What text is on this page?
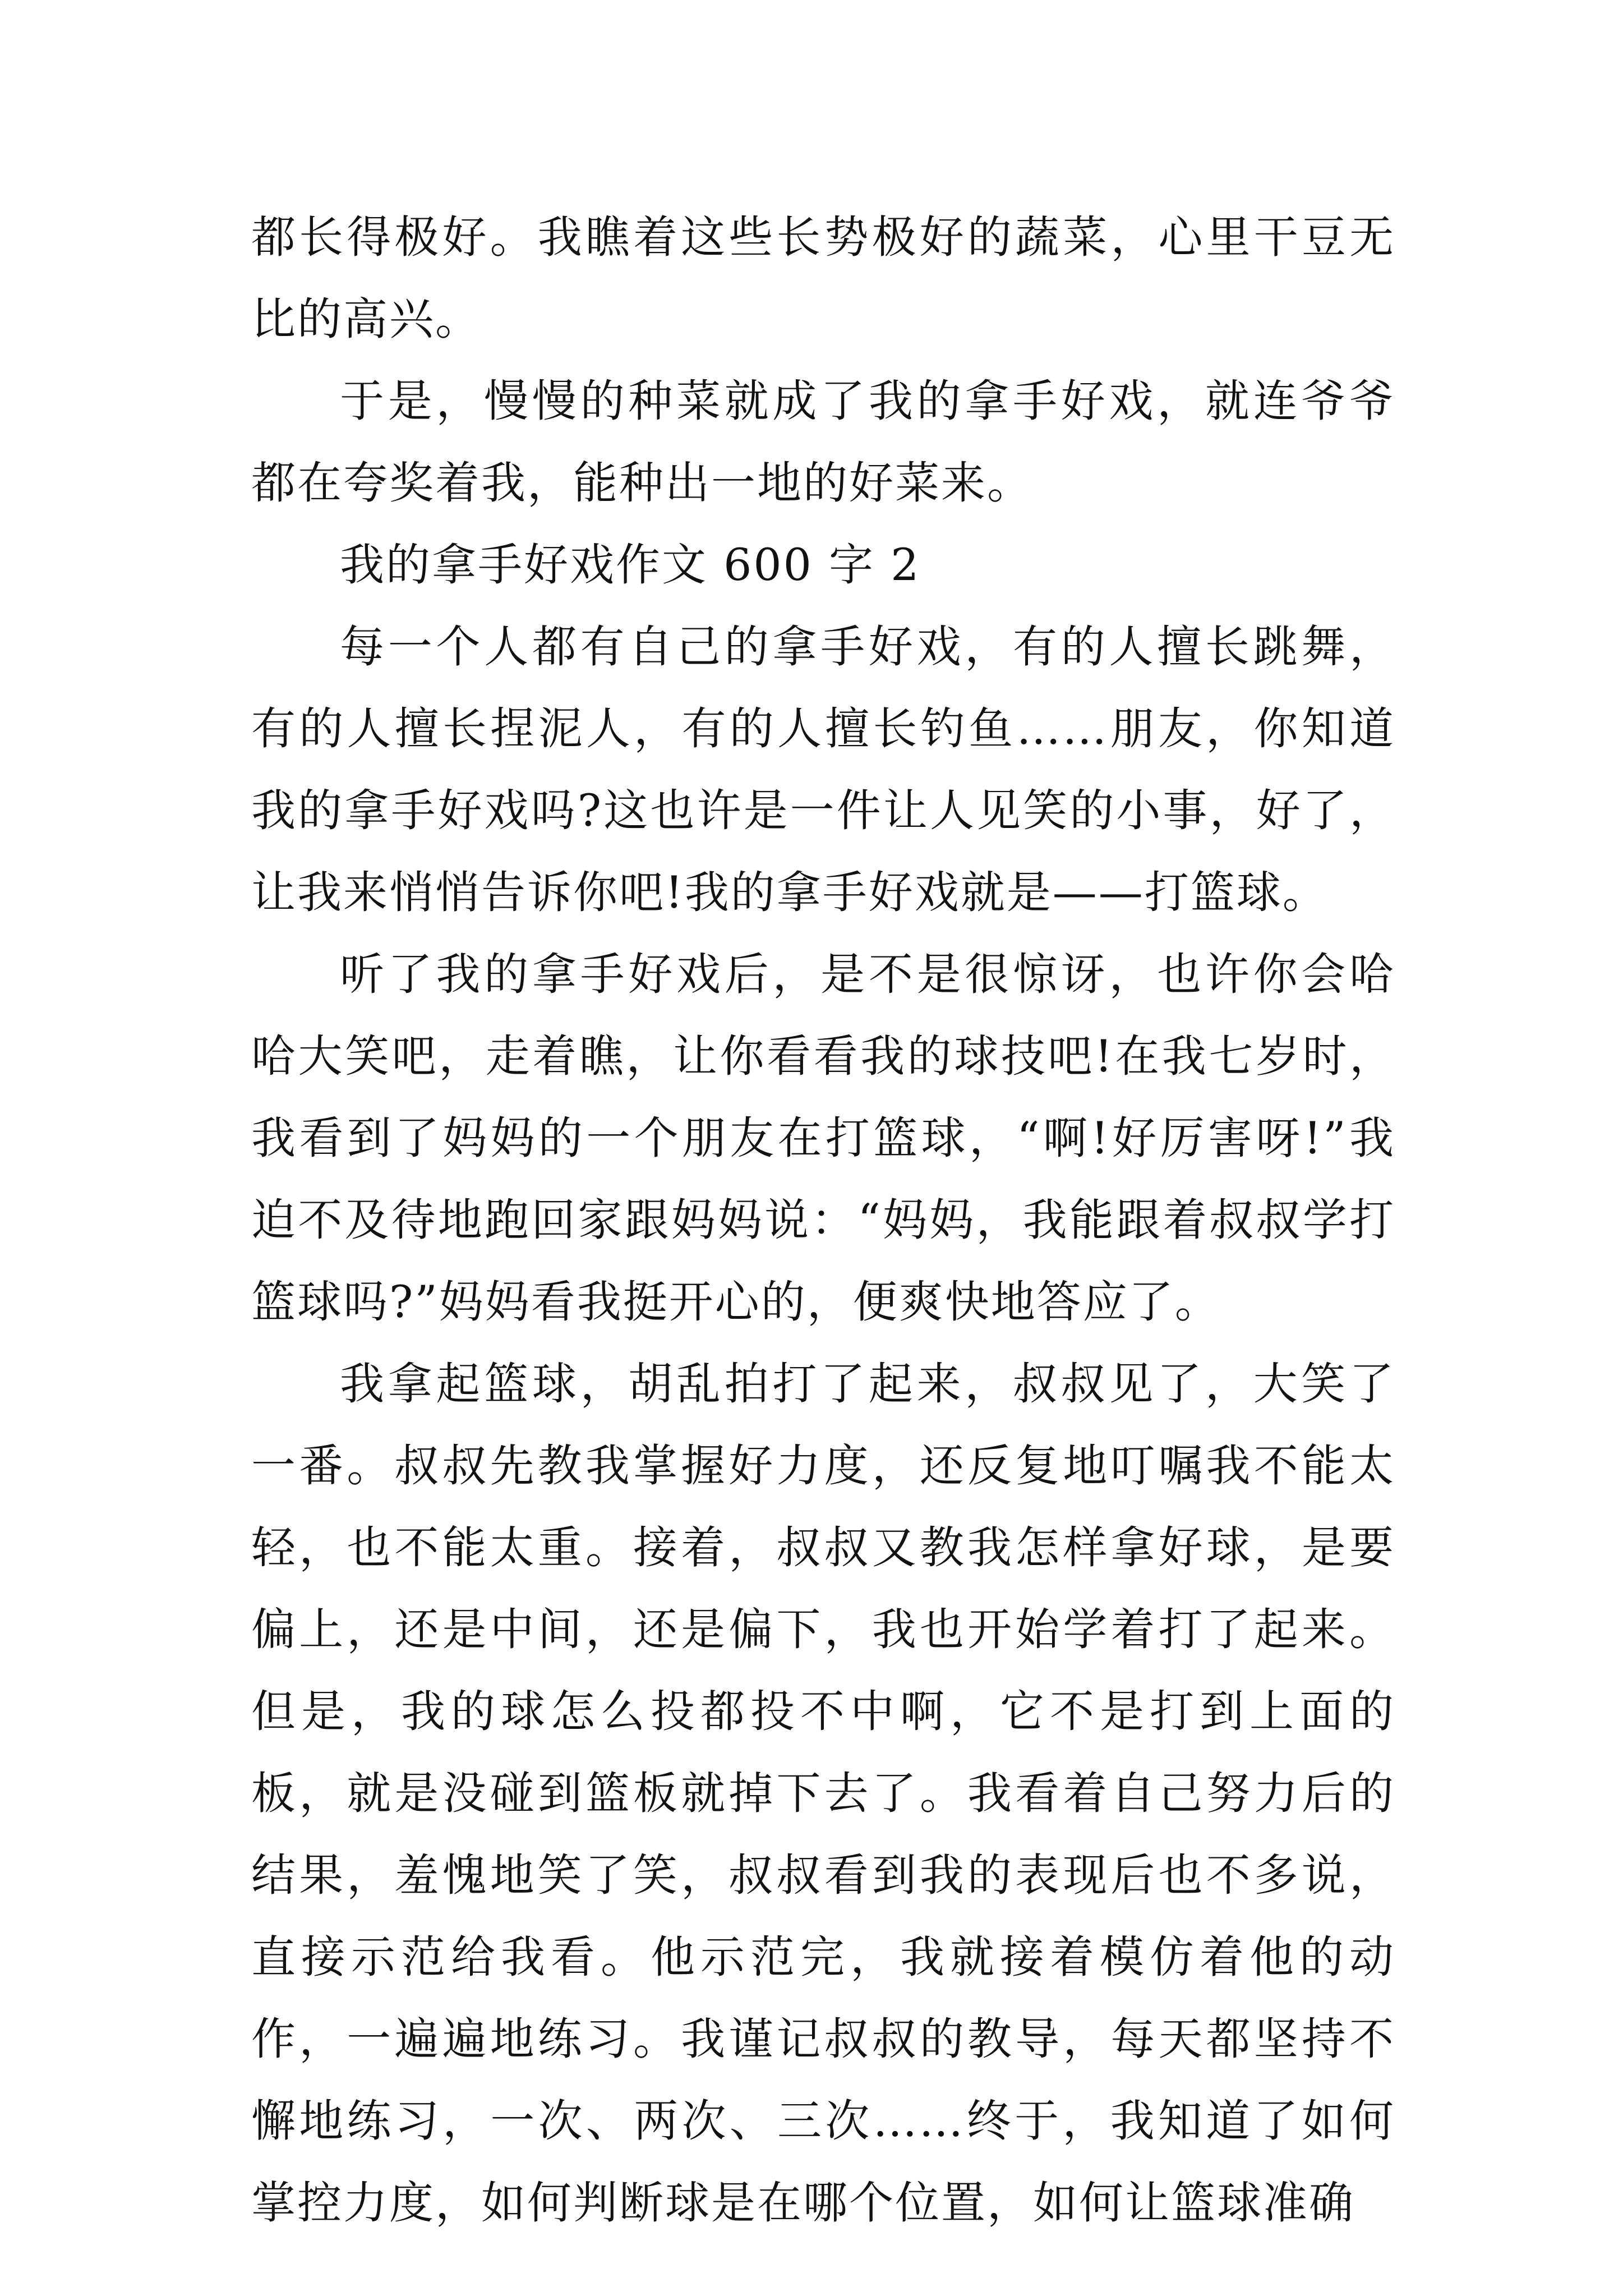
都长得极好。我瞧着这些长势极好的蔬菜，心里干豆无比的高兴。

于是，慢慢的种菜就成了我的拿手好戏，就连爷爷都在夸奖着我，能种出一地的好菜来。

我的拿手好戏作文 600 字 2

每一个人都有自己的拿手好戏，有的人擅长跳舞，有的人擅长捏泥人，有的人擅长钓鱼……朋友，你知道我的拿手好戏吗?这也许是一件让人见笑的小事，好了，让我来悄悄告诉你吧!我的拿手好戏就是——打篮球。

听了我的拿手好戏后，是不是很惊讶，也许你会哈哈大笑吧，走着瞧，让你看看我的球技吧!在我七岁时，我看到了妈妈的一个朋友在打篮球，“啊!好厉害呀!”我迫不及待地跑回家跟妈妈说：“妈妈，我能跟着叔叔学打篮球吗?”妈妈看我挺开心的，便爽快地答应了。

我拿起篮球，胡乱拍打了起来，叔叔见了，大笑了一番。叔叔先教我掌握好力度，还反复地叮嘱我不能太轻，也不能太重。接着，叔叔又教我怎样拿好球，是要偏上，还是中间，还是偏下，我也开始学着打了起来。但是，我的球怎么投都投不中啊，它不是打到上面的板，就是没碰到篮板就掉下去了。我看着自己努力后的结果，羞愧地笑了笑，叔叔看到我的表现后也不多说，直接示范给我看。他示范完，我就接着模仿着他的动作，一遍遍地练习。我谨记叔叔的教导，每天都坚持不懈地练习，一次、两次、三次……终于，我知道了如何掌控力度，如何判断球是在哪个位置，如何让篮球准确
